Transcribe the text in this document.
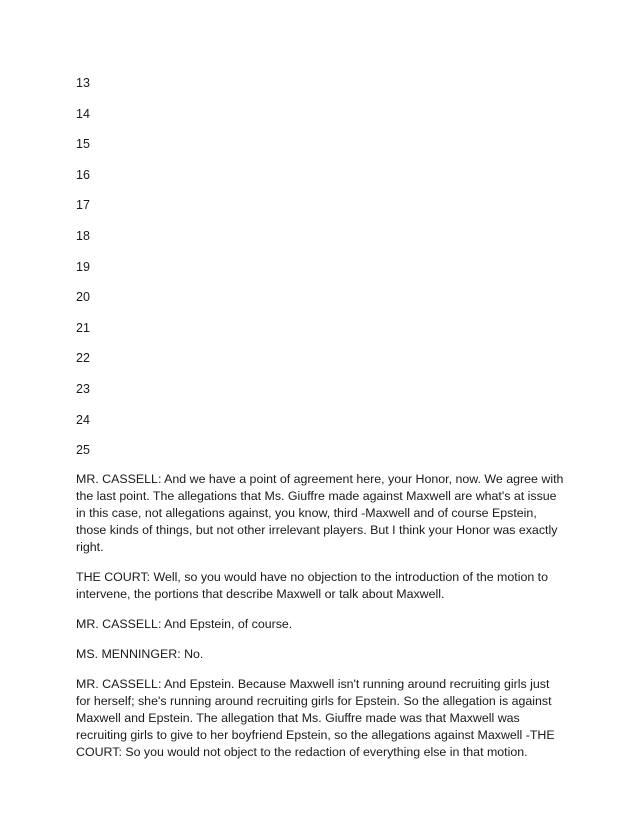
13
14
15
16
17
18
19
20
21
22
23
24
25

MR. CASSELL: And we have a point of agreement here, your Honor, now. We agree with the last point. The allegations that Ms. Giuffre made against Maxwell are what's at issue in this case, not allegations against, you know, third -Maxwell and of course Epstein, those kinds of things, but not other irrelevant players. But I think your Honor was exactly right.

THE COURT: Well, so you would have no objection to the introduction of the motion to intervene, the portions that describe Maxwell or talk about Maxwell.

MR. CASSELL: And Epstein, of course.

MS. MENNINGER: No.

MR. CASSELL: And Epstein. Because Maxwell isn't running around recruiting girls just for herself; she's running around recruiting girls for Epstein. So the allegation is against Maxwell and Epstein. The allegation that Ms. Giuffre made was that Maxwell was recruiting girls to give to her boyfriend Epstein, so the allegations against Maxwell -THE COURT: So you would not object to the redaction of everything else in that motion.
